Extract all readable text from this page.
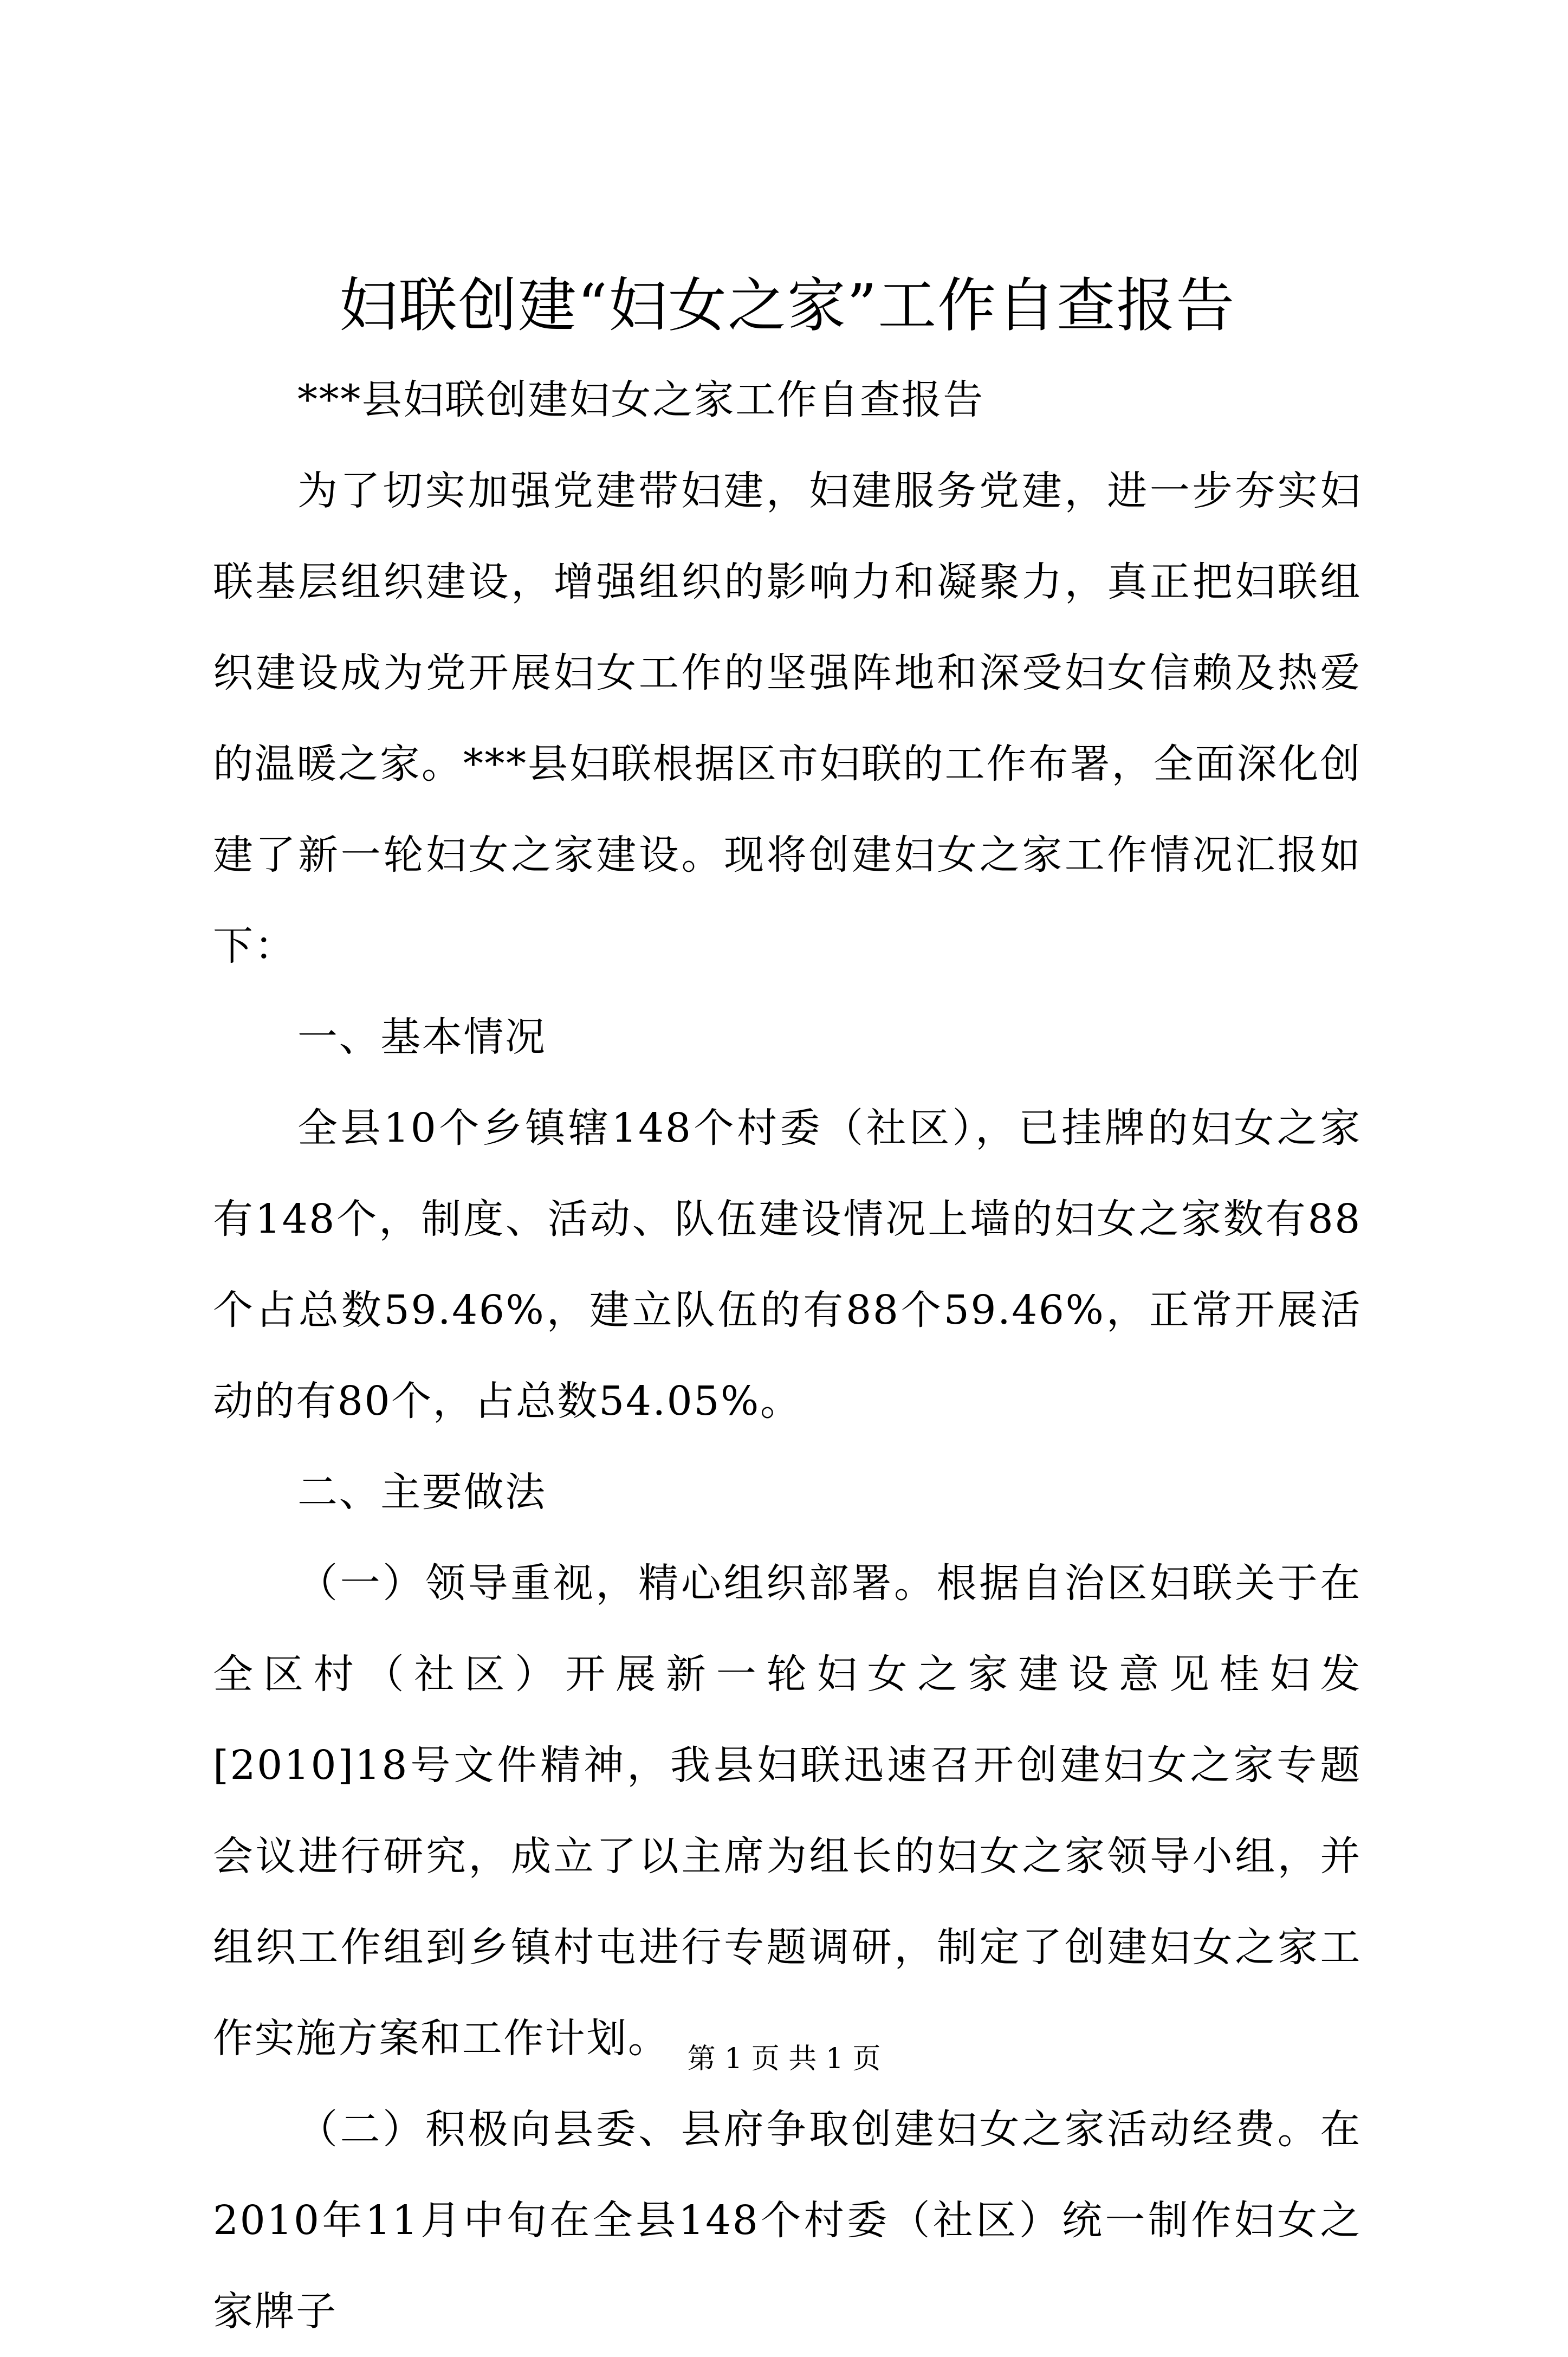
妇联创建“妇女之家”工作自查报告

***县妇联创建妇女之家工作自查报告

为了切实加强党建带妇建，妇建服务党建，进一步夯实妇联基层组织建设，增强组织的影响力和凝聚力，真正把妇联组织建设成为党开展妇女工作的坚强阵地和深受妇女信赖及热爱的温暖之家。***县妇联根据区市妇联的工作布署，全面深化创建了新一轮妇女之家建设。现将创建妇女之家工作情况汇报如下：

一、基本情况

全县10个乡镇辖148个村委（社区），已挂牌的妇女之家有148个，制度、活动、队伍建设情况上墙的妇女之家数有88个占总数59.46%，建立队伍的有88个59.46%，正常开展活动的有80个，占总数54.05%。

二、主要做法

（一）领导重视，精心组织部署。根据自治区妇联关于在全区村（社区）开展新一轮妇女之家建设意见桂妇发[2010]18号文件精神，我县妇联迅速召开创建妇女之家专题会议进行研究，成立了以主席为组长的妇女之家领导小组，并组织工作组到乡镇村屯进行专题调研，制定了创建妇女之家工作实施方案和工作计划。

（二）积极向县委、县府争取创建妇女之家活动经费。在2010年11月中旬在全县148个村委（社区）统一制作妇女之家牌子

第 1 页 共 1 页
